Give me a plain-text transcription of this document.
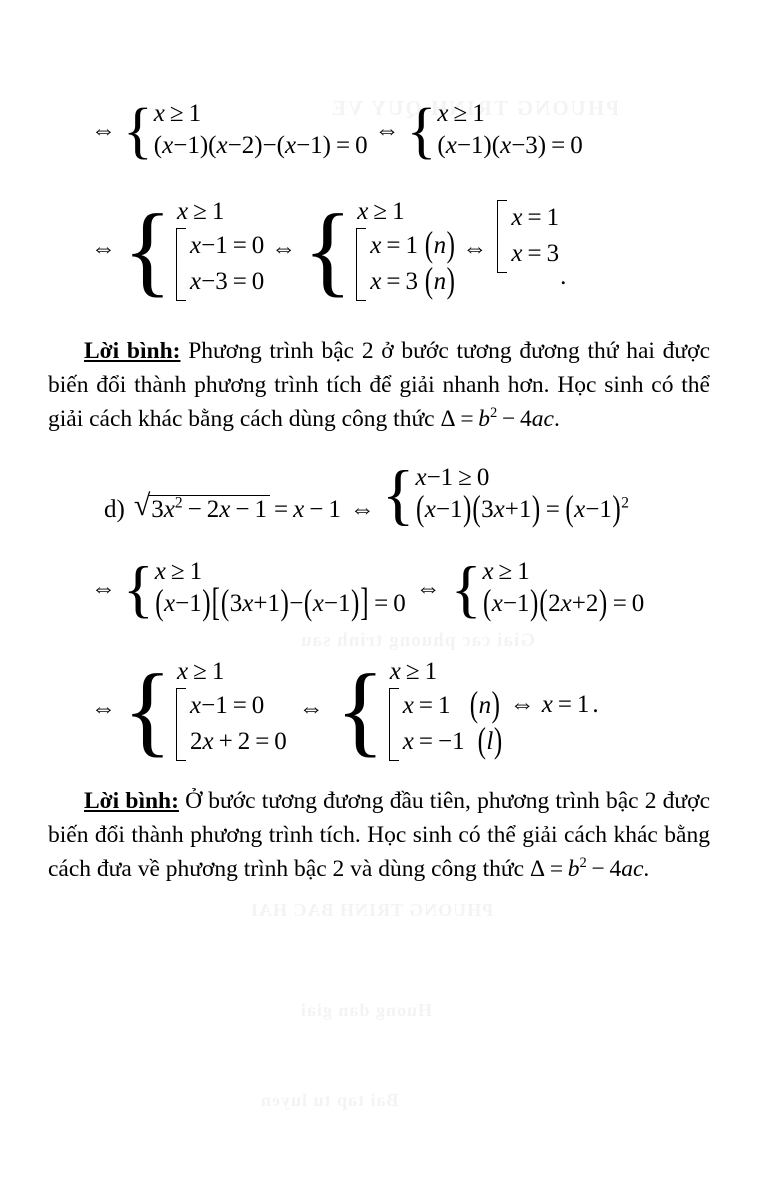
⇔ { x ≥ 1
(x−1)(x−2)−(x−1) = 0
⇔ { x ≥ 1
(x−1)(x−3) = 0
⇔ { x ≥ 1
x−1 = 0
x−3 = 0
⇔ { x ≥ 1
x = 1 (n)
x = 3 (n)
⇔
x = 1
x = 3
.
Lời bình: Phương trình bậc 2 ở bước tương đương thứ hai được biến đổi thành phương trình tích để giải nhanh hơn. Học sinh có thể giải cách khác bằng cách dùng công thức $\Delta = b^2 - 4ac$.
d) √ $3x^2 - 2x - 1 = x - 1$ ⇔ { x−1 ≥ 0
$(x-1)(3x+1) = (x-1)^2$
⇔ { x ≥ 1
(x−1)[(3x+1)−(x−1)] = 0
⇔ { x ≥ 1
(x−1)(2x+2) = 0
⇔ { x ≥ 1
x−1 = 0
2x + 2 = 0
⇔ { x ≥ 1
x = 1 (n)
x = −1 (l)
⇔ x = 1 .
Lời bình: Ở bước tương đương đầu tiên, phương trình bậc 2 được biến đổi thành phương trình tích. Học sinh có thể giải cách khác bằng cách đưa về phương trình bậc 2 và dùng công thức $\Delta = b^2 - 4ac$.
